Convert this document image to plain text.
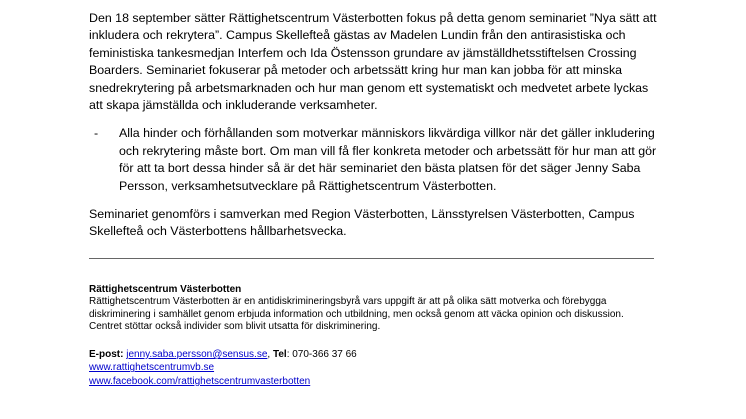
Den 18 september sätter Rättighetscentrum Västerbotten fokus på detta genom seminariet ”Nya sätt att inkludera och rekrytera”. Campus Skellefteå gästas av Madelen Lundin från den antirasistiska och feministiska tankesmedjan Interfem och Ida Östensson grundare av jämställdhetsstiftelsen Crossing Boarders. Seminariet fokuserar på metoder och arbetssätt kring hur man kan jobba för att minska snedrekrytering på arbetsmarknaden och hur man genom ett systematiskt och medvetet arbete lyckas att skapa jämställda och inkluderande verksamheter.

- Alla hinder och förhållanden som motverkar människors likvärdiga villkor när det gäller inkludering och rekrytering måste bort. Om man vill få fler konkreta metoder och arbetssätt för hur man att gör för att ta bort dessa hinder så är det här seminariet den bästa platsen för det säger Jenny Saba Persson, verksamhetsutvecklare på Rättighetscentrum Västerbotten.

Seminariet genomförs i samverkan med Region Västerbotten, Länsstyrelsen Västerbotten, Campus Skellefteå och Västerbottens hållbarhetsvecka.

Rättighetscentrum Västerbotten

Rättighetscentrum Västerbotten är en antidiskrimineringsbyrå vars uppgift är att på olika sätt motverka och förebygga diskriminering i samhället genom erbjuda information och utbildning, men också genom att väcka opinion och diskussion. Centret stöttar också individer som blivit utsatta för diskriminering.

E-post: jenny.saba.persson@sensus.se, Tel: 070-366 37 66
www.rattighetscentrumvb.se
www.facebook.com/rattighetscentrumvasterbotten
